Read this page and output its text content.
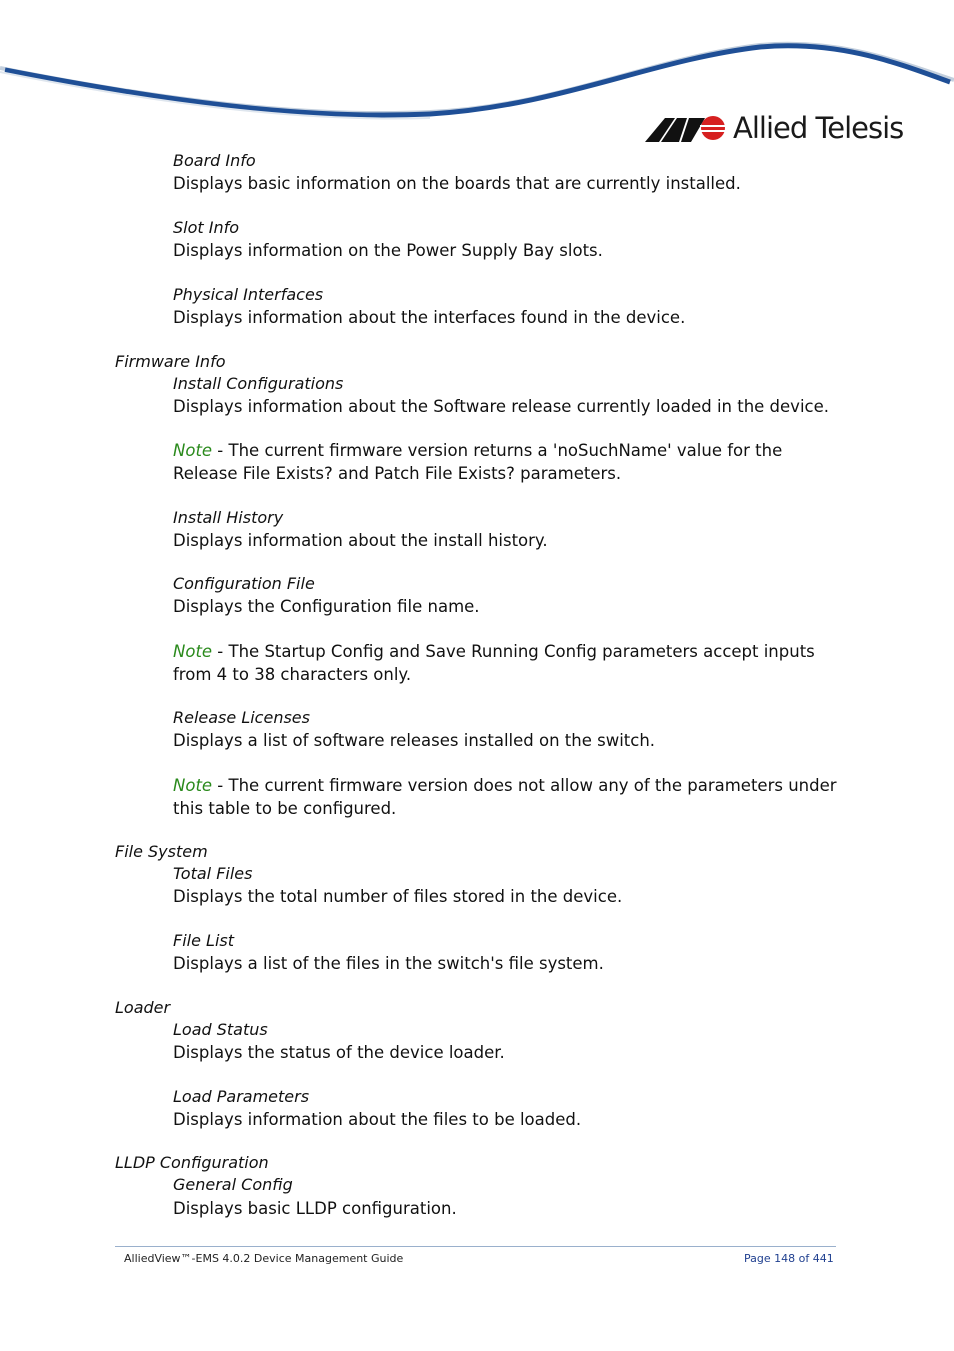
Allied Telesis
Board Info
Displays basic information on the boards that are currently installed.
Slot Info
Displays information on the Power Supply Bay slots.
Physical Interfaces
Displays information about the interfaces found in the device.
Firmware Info
Install Configurations
Displays information about the Software release currently loaded in the device.
Note - The current firmware version returns a 'noSuchName' value for the Release File Exists? and Patch File Exists? parameters.
Install History
Displays information about the install history.
Configuration File
Displays the Configuration file name.
Note - The Startup Config and Save Running Config parameters accept inputs from 4 to 38 characters only.
Release Licenses
Displays a list of software releases installed on the switch.
Note - The current firmware version does not allow any of the parameters under this table to be configured.
File System
Total Files
Displays the total number of files stored in the device.
File List
Displays a list of the files in the switch's file system.
Loader
Load Status
Displays the status of the device loader.
Load Parameters
Displays information about the files to be loaded.
LLDP Configuration
General Config
Displays basic LLDP configuration.
AlliedView™-EMS 4.0.2 Device Management Guide	Page 148 of 441
